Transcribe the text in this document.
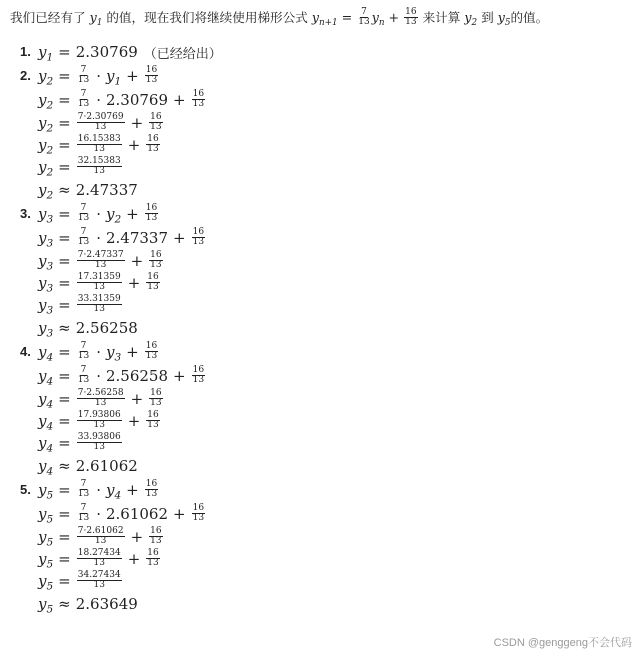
我们已经有了 $y_1$ 的值，现在我们将继续使用梯形公式 $y_{n+1} = \frac{7}{13} y_n + \frac{16}{13}$ 来计算 $y_2$ 到 $y_5$的值。
1. $y_1 = 2.30769$ （已经给出）
2. $y_2 = \frac{7}{13} \cdot y_1 + \frac{16}{13}$
$y_2 = \frac{7}{13} \cdot 2.30769 + \frac{16}{13}$
$y_2 = \frac{7\cdot 2.30769}{13} + \frac{16}{13}$
$y_2 = \frac{16.15383}{13} + \frac{16}{13}$
$y_2 = \frac{32.15383}{13}$
$y_2 \approx 2.47337$
3. $y_3 = \frac{7}{13} \cdot y_2 + \frac{16}{13}$
$y_3 = \frac{7}{13} \cdot 2.47337 + \frac{16}{13}$
$y_3 = \frac{7\cdot 2.47337}{13} + \frac{16}{13}$
$y_3 = \frac{17.31359}{13} + \frac{16}{13}$
$y_3 = \frac{33.31359}{13}$
$y_3 \approx 2.56258$
4. $y_4 = \frac{7}{13} \cdot y_3 + \frac{16}{13}$
$y_4 = \frac{7}{13} \cdot 2.56258 + \frac{16}{13}$
$y_4 = \frac{7\cdot 2.56258}{13} + \frac{16}{13}$
$y_4 = \frac{17.93806}{13} + \frac{16}{13}$
$y_4 = \frac{33.93806}{13}$
$y_4 \approx 2.61062$
5. $y_5 = \frac{7}{13} \cdot y_4 + \frac{16}{13}$
$y_5 = \frac{7}{13} \cdot 2.61062 + \frac{16}{13}$
$y_5 = \frac{7\cdot 2.61062}{13} + \frac{16}{13}$
$y_5 = \frac{18.27434}{13} + \frac{16}{13}$
$y_5 = \frac{34.27434}{13}$
$y_5 \approx 2.63649$
CSDN @genggeng不会代码
